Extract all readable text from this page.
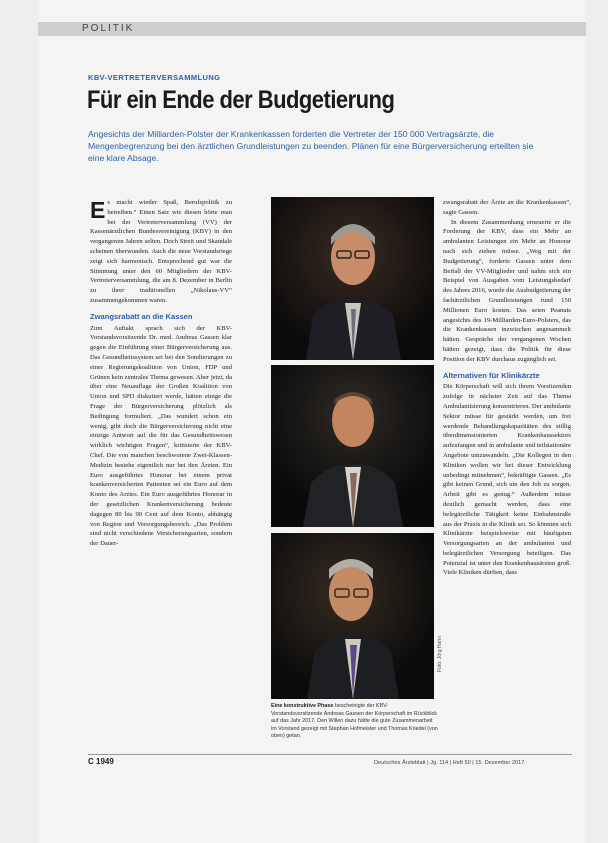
POLITIK
KBV-VERTRETERVERSAMMLUNG
Für ein Ende der Budgetierung
Angesichts der Milliarden-Polster der Krankenkassen forderten die Vertreter der 150 000 Vertragsärzte, die Mengenbegrenzung bei den ärztlichen Grundleistungen zu beenden. Plänen für eine Bürgerversicherung erteilten sie eine klare Absage.
E s macht wieder Spaß, Berufspolitik zu betreiben.“ Einen Satz wie diesen hörte man bei der Vertreterversammlung (VV) der Kassenärztlichen Bundesvereinigung (KBV) in den vergangenen Jahren selten. Doch Streit und Skandale scheinen überwunden. Auch die neue Vorstandsriege zeigt sich harmonisch. Entsprechend gut war die Stimmung unter den 60 Mitgliedern der KBV-Vertreterversammlung, die am 8. Dezember in Berlin zu ihrer traditionellen „Nikolaus-VV“ zusammengekommen waren.

Zwangsrabatt an die Kassen

Zum Auftakt sprach sich der KBV-Vorstandsvorsitzende Dr. med. Andreas Gassen klar gegen die Einführung einer Bürgerversicherung aus. Das Gesundheitssystem sei bei den Sondierungen zu einer Regierungskoalition von Union, FDP und Grünen kein zentrales Thema gewesen. Aber jetzt, da über eine Neuauflage der Großen Koalition von Union und SPD diskutiert werde, hätten einige die Frage der Bürgerversicherung plötzlich als Bedingung formuliert. „Das wundert schon ein wenig, gibt doch die Bürgerversicherung nicht eine einzige Antwort auf die für das Gesundheitswesen wirklich wichtigen Fragen“, kritisierte der KBV-Chef. Die von manchen beschworene Zwei-Klassen-Medizin bestehe eigentlich nur bei den Ärzten. Ein Euro ausgeführtes Honorar bei einem privat krankenversicherten Patienten sei ein Euro auf dem Konto des Arztes. Ein Euro ausgeführtes Honorar in der gesetzlichen Krankenversicherung bedeute dagegen 80 bis 90 Cent auf dem Konto, abhängig von Region und Versorgungsbereich. „Das Problem sind nicht verschiedene Versicherungsarten, sondern der Dauer-

Foto: Jörg Hahn
Eine konstruktive Phase bescheinigte der KBV-Vorstandsvorsitzende Andreas Gassen der Körperschaft im Rückblick auf das Jahr 2017. Den Willen dazu hätte die gute Zusammenarbeit im Vorstand gezeigt mit Stephan Hofmeister und Thomas Kriedel (von oben) getan.

zwangsrabatt der Ärzte an die Krankenkassen“, sagte Gassen.

In diesem Zusammenhang erneuerte er die Forderung der KBV, dass ein Mehr an ambulanten Leistungen ein Mehr an Honorar nach sich ziehen müsse. „Weg mit der Budgetierung“, forderte Gassen unter dem Beifall der VV-Mitglieder und nahm sich ein Beispiel von Ausgaben vom Leistungsbedarf des Jahres 2016, wurde die Ausbudgetierung der fachärztlichen Grundleistungen rund 150 Millionen Euro kosten. Das seien Peanuts angesichts des 19-Milliarden-Euro-Polsters, das die Krankenkassen inzwischen angesammelt hätten. Gespräche der vergangenen Wochen hätten gezeigt, dass die Politik für diese Position der KBV durchaus zugänglich sei.

Alternativen für Klinikärzte

Die Körperschaft will sich ihrem Vorsitzenden zufolge in nächster Zeit auf das Thema Ambulantisierung konzentrieren. Der ambulante Sektor müsse für gestärkt werden, um frei werdende Behandlungskapazitäten des stillig überdimensionierten Krankenhaussektors aufzufangen und in ambulante und teilstationäre Angebote umzuwandeln. „Die Kollegen in den Kliniken wollen wir bei dieser Entwicklung unbedingt mitnehmen“, bekräftigte Gassen. „Es gibt keinen Grund, sich um den Job zu sorgen. Arbeit gibt es genug.“ Außerdem müsse deutlich gemacht werden, dass eine belegärztliche Tätigkeit keine Einbahnstraße aus der Praxis in die Klinik sei. So könnten sich Klinikärzte beispielsweise mit häufigsten Versorgungsarten an der ambulanten und belegärztlichen Versorgung beteiligen. Das Potenzial ist unter den Krankenhausärzten groß. Viele Kliniken dürften, dass

C 1949	Deutsches Ärzteblatt | Jg. 114 | Heft 50 | 15. Dezember 2017
